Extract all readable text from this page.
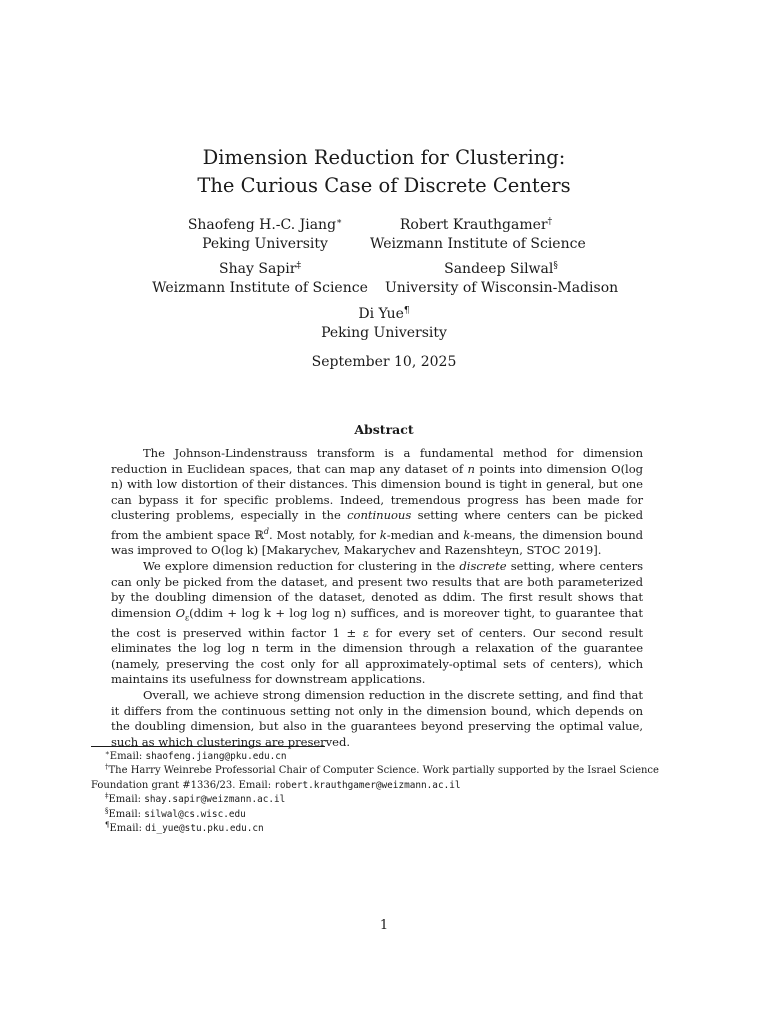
Dimension Reduction for Clustering:
The Curious Case of Discrete Centers
Shaofeng H.-C. Jiang∗
Peking University
Robert Krauthgamer†
Weizmann Institute of Science
Shay Sapir‡
Weizmann Institute of Science
Sandeep Silwal§
University of Wisconsin-Madison
Di Yue¶
Peking University
September 10, 2025
Abstract

The Johnson-Lindenstrauss transform is a fundamental method for dimension reduction in Euclidean spaces, that can map any dataset of n points into dimension O(log n) with low distortion of their distances. This dimension bound is tight in general, but one can bypass it for specific problems. Indeed, tremendous progress has been made for clustering problems, especially in the continuous setting where centers can be picked from the ambient space ℝ$^d$. Most notably, for k-median and k-means, the dimension bound was improved to O(log k) [Makarychev, Makarychev and Razenshteyn, STOC 2019].

We explore dimension reduction for clustering in the discrete setting, where centers can only be picked from the dataset, and present two results that are both parameterized by the doubling dimension of the dataset, denoted as ddim. The first result shows that dimension $O_\varepsilon(ddim + \log k + \log \log n)$ suffices, and is moreover tight, to guarantee that the cost is preserved within factor 1 ± ε for every set of centers. Our second result eliminates the log log n term in the dimension through a relaxation of the guarantee (namely, preserving the cost only for all approximately-optimal sets of centers), which maintains its usefulness for downstream applications.

Overall, we achieve strong dimension reduction in the discrete setting, and find that it differs from the continuous setting not only in the dimension bound, which depends on the doubling dimension, but also in the guarantees beyond preserving the optimal value, such as which clusterings are preserved.

∗Email: shaofeng.jiang@pku.edu.cn
†The Harry Weinrebe Professorial Chair of Computer Science. Work partially supported by the Israel Science Foundation grant #1336/23. Email: robert.krauthgamer@weizmann.ac.il
‡Email: shay.sapir@weizmann.ac.il
§Email: silwal@cs.wisc.edu
¶Email: di_yue@stu.pku.edu.cn
1
